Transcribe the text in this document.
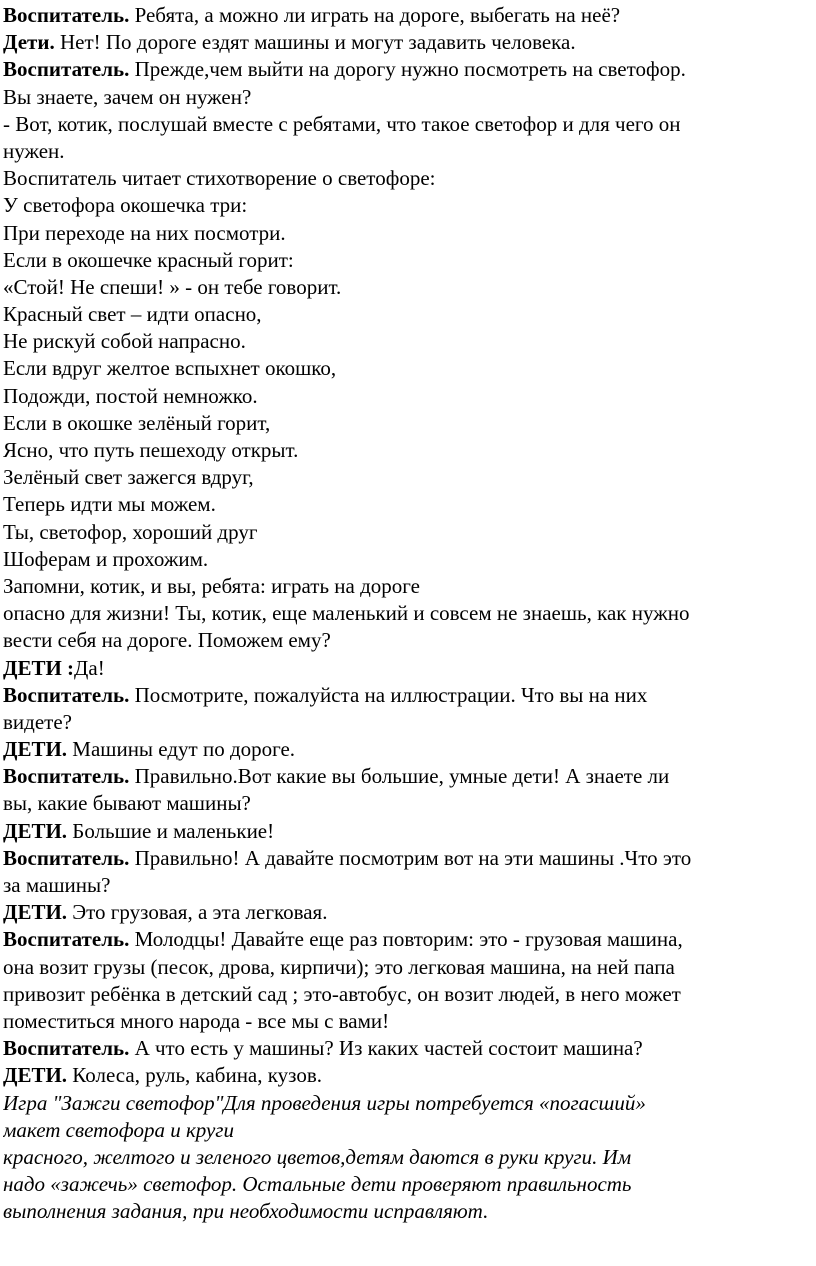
Воспитатель. Ребята, а можно ли играть на дороге, выбегать на неё?
Дети. Нет! По дороге ездят машины и могут задавить человека.
Воспитатель. Прежде,чем выйти на дорогу нужно посмотреть на светофор.
Вы знаете, зачем он нужен?
- Вот, котик, послушай вместе с ребятами, что такое светофор и для чего он
нужен.
Воспитатель читает стихотворение о светофоре:
У светофора окошечка три:
При переходе на них посмотри.
Если в окошечке красный горит:
«Стой! Не спеши! » - он тебе говорит.
Красный свет – идти опасно,
Не рискуй собой напрасно.
Если вдруг желтое вспыхнет окошко,
Подожди, постой немножко.
Если в окошке зелёный горит,
Ясно, что путь пешеходу открыт.
Зелёный свет зажегся вдруг,
Теперь идти мы можем.
Ты, светофор, хороший друг
Шоферам и прохожим.
Запомни, котик, и вы, ребята: играть на дороге
опасно для жизни! Ты, котик, еще маленький и совсем не знаешь, как нужно
вести себя на дороге. Поможем ему?
ДЕТИ :Да!
Воспитатель. Посмотрите, пожалуйста на иллюстрации. Что вы на них
видете?
ДЕТИ. Машины едут по дороге.
Воспитатель. Правильно.Вот какие вы большие, умные дети! А знаете ли
вы, какие бывают машины?
ДЕТИ. Большие и маленькие!
Воспитатель. Правильно! А давайте посмотрим вот на эти машины .Что это
за машины?
ДЕТИ. Это грузовая, а эта легковая.
Воспитатель. Молодцы! Давайте еще раз повторим: это - грузовая машина,
она возит грузы (песок, дрова, кирпичи); это легковая машина, на ней папа
привозит ребёнка в детский сад ; это-автобус, он возит людей, в него может
поместиться много народа - все мы с вами!
Воспитатель. А что есть у машины? Из каких частей состоит машина?
ДЕТИ. Колеса, руль, кабина, кузов.
Игра "Зажги светофор"Для проведения игры потребуется «погасший»
макет светофора и круги
красного, желтого и зеленого цветов,детям даются в руки круги. Им
надо «зажечь» светофор. Остальные дети проверяют правильность
выполнения задания, при необходимости исправляют.
